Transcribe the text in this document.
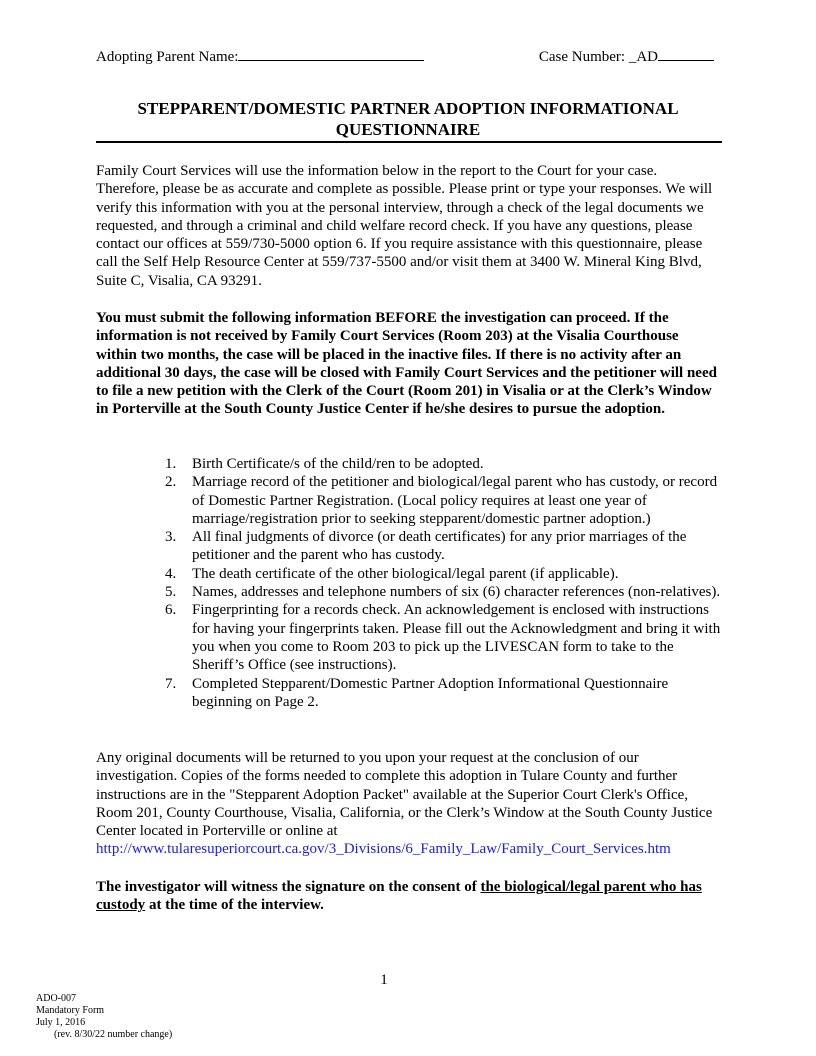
Adopting Parent Name:	Case Number: _AD
STEPPARENT/DOMESTIC PARTNER ADOPTION INFORMATIONAL
QUESTIONNAIRE
Family Court Services will use the information below in the report to the Court for your case. Therefore, please be as accurate and complete as possible. Please print or type your responses. We will verify this information with you at the personal interview, through a check of the legal documents we requested, and through a criminal and child welfare record check. If you have any questions, please contact our offices at 559/730-5000 option 6. If you require assistance with this questionnaire, please call the Self Help Resource Center at 559/737-5500 and/or visit them at 3400 W. Mineral King Blvd, Suite C, Visalia, CA 93291.
You must submit the following information BEFORE the investigation can proceed. If the information is not received by Family Court Services (Room 203) at the Visalia Courthouse within two months, the case will be placed in the inactive files. If there is no activity after an additional 30 days, the case will be closed with Family Court Services and the petitioner will need to file a new petition with the Clerk of the Court (Room 201) in Visalia or at the Clerk’s Window in Porterville at the South County Justice Center if he/she desires to pursue the adoption.
1. Birth Certificate/s of the child/ren to be adopted.
2. Marriage record of the petitioner and biological/legal parent who has custody, or record of Domestic Partner Registration. (Local policy requires at least one year of marriage/registration prior to seeking stepparent/domestic partner adoption.)
3. All final judgments of divorce (or death certificates) for any prior marriages of the petitioner and the parent who has custody.
4. The death certificate of the other biological/legal parent (if applicable).
5. Names, addresses and telephone numbers of six (6) character references (non-relatives).
6. Fingerprinting for a records check. An acknowledgement is enclosed with instructions for having your fingerprints taken. Please fill out the Acknowledgment and bring it with you when you come to Room 203 to pick up the LIVESCAN form to take to the Sheriff’s Office (see instructions).
7. Completed Stepparent/Domestic Partner Adoption Informational Questionnaire beginning on Page 2.
Any original documents will be returned to you upon your request at the conclusion of our investigation. Copies of the forms needed to complete this adoption in Tulare County and further instructions are in the "Stepparent Adoption Packet" available at the Superior Court Clerk's Office, Room 201, County Courthouse, Visalia, California, or the Clerk’s Window at the South County Justice Center located in Porterville or online at http://www.tularesuperiorcourt.ca.gov/3_Divisions/6_Family_Law/Family_Court_Services.htm
The investigator will witness the signature on the consent of the biological/legal parent who has custody at the time of the interview.
1
ADO-007
Mandatory Form
July 1, 2016
(rev. 8/30/22 number change)
